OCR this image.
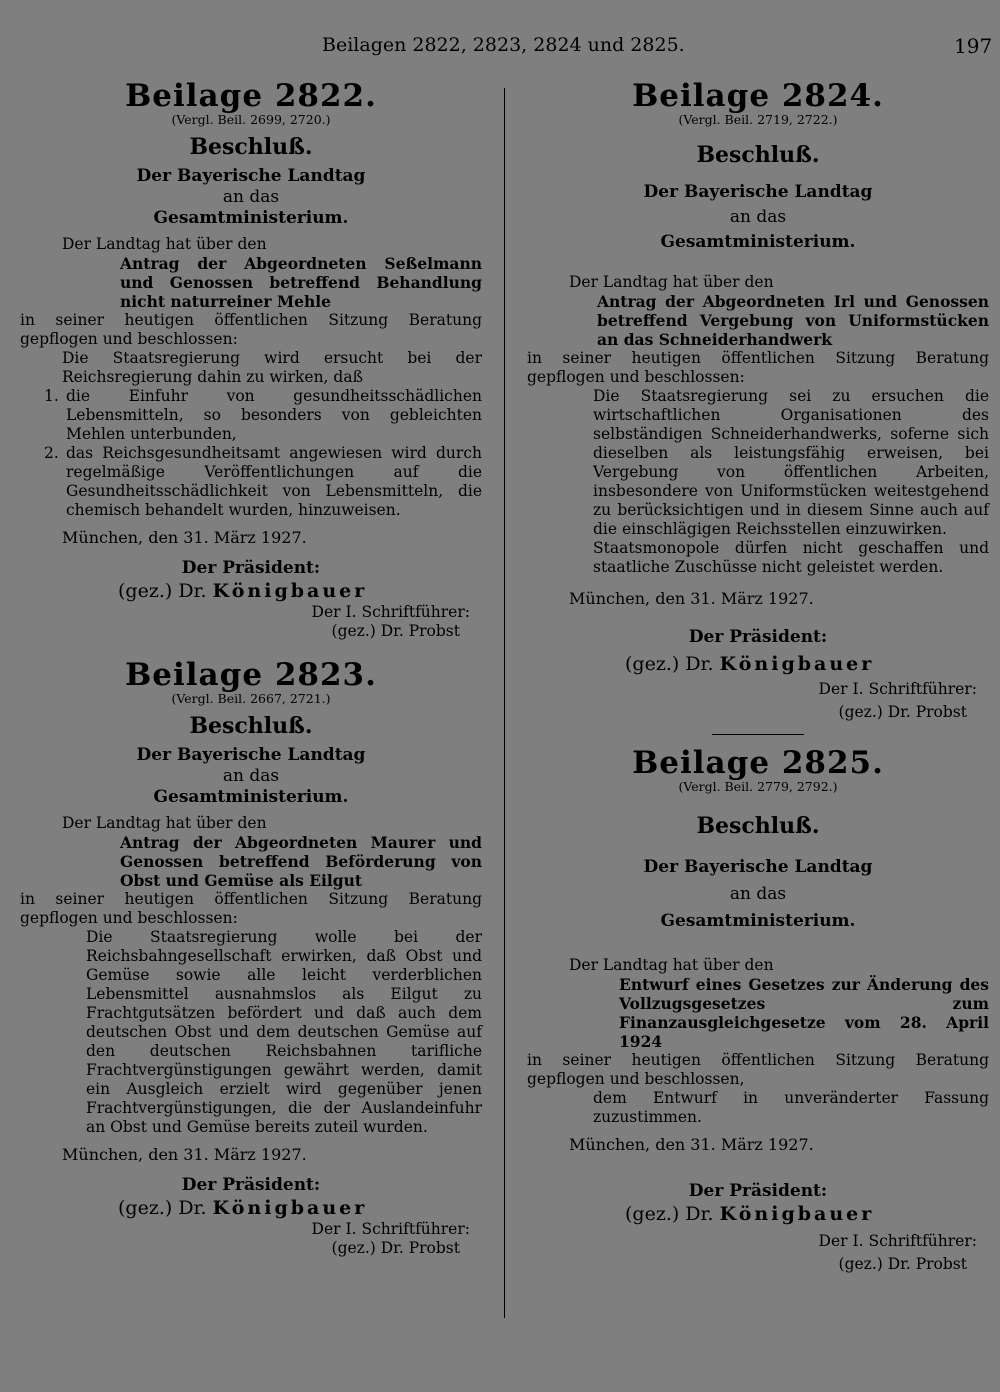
Beilagen 2822, 2823, 2824 und 2825.	197
Beilage 2822.
(Vergl. Beil. 2699, 2720.)
Beschluß.
Der Bayerische Landtag
an das
Gesamtministerium.
Der Landtag hat über den
Antrag der Abgeordneten Seßelmann und Genossen betreffend Behandlung nicht naturreiner Mehle
in seiner heutigen öffentlichen Sitzung Beratung gepflogen und beschlossen:
Die Staatsregierung wird ersucht bei der Reichsregierung dahin zu wirken, daß
1. die Einfuhr von gesundheitsschädlichen Lebensmitteln, so besonders von gebleichten Mehlen unterbunden,
2. das Reichsgesundheitsamt angewiesen wird durch regelmäßige Veröffentlichungen auf die Gesundheitsschädlichkeit von Lebensmitteln, die chemisch behandelt wurden, hinzuweisen.
München, den 31. März 1927.
Der Präsident:
(gez.) Dr. Königbauer
Der I. Schriftführer:
(gez.) Dr. Probst
Beilage 2823.
(Vergl. Beil. 2667, 2721.)
Beschluß.
Der Bayerische Landtag
an das
Gesamtministerium.
Der Landtag hat über den
Antrag der Abgeordneten Maurer und Genossen betreffend Beförderung von Obst und Gemüse als Eilgut
in seiner heutigen öffentlichen Sitzung Beratung gepflogen und beschlossen:
Die Staatsregierung wolle bei der Reichsbahngesellschaft erwirken, daß Obst und Gemüse sowie alle leicht verderblichen Lebensmittel ausnahmslos als Eilgut zu Frachtgutsätzen befördert und daß auch dem deutschen Obst und dem deutschen Gemüse auf den deutschen Reichsbahnen tarifliche Frachtvergünstigungen gewährt werden, damit ein Ausgleich erzielt wird gegenüber jenen Frachtvergünstigungen, die der Auslandeinfuhr an Obst und Gemüse bereits zuteil wurden.
München, den 31. März 1927.
Der Präsident:
(gez.) Dr. Königbauer
Der I. Schriftführer:
(gez.) Dr. Probst
Beilage 2824.
(Vergl. Beil. 2719, 2722.)
Beschluß.
Der Bayerische Landtag
an das
Gesamtministerium.
Der Landtag hat über den
Antrag der Abgeordneten Irl und Genossen betreffend Vergebung von Uniformstücken an das Schneiderhandwerk
in seiner heutigen öffentlichen Sitzung Beratung gepflogen und beschlossen:
Die Staatsregierung sei zu ersuchen die wirtschaftlichen Organisationen des selbständigen Schneiderhandwerks, soferne sich dieselben als leistungsfähig erweisen, bei Vergebung von öffentlichen Arbeiten, insbesondere von Uniformstücken weitestgehend zu berücksichtigen und in diesem Sinne auch auf die einschlägigen Reichsstellen einzuwirken.
Staatsmonopole dürfen nicht geschaffen und staatliche Zuschüsse nicht geleistet werden.
München, den 31. März 1927.
Der Präsident:
(gez.) Dr. Königbauer
Der I. Schriftführer:
(gez.) Dr. Probst
Beilage 2825.
(Vergl. Beil. 2779, 2792.)
Beschluß.
Der Bayerische Landtag
an das
Gesamtministerium.
Der Landtag hat über den
Entwurf eines Gesetzes zur Änderung des Vollzugsgesetzes zum Finanzausgleichgesetze vom 28. April 1924
in seiner heutigen öffentlichen Sitzung Beratung gepflogen und beschlossen,
dem Entwurf in unveränderter Fassung zuzustimmen.
München, den 31. März 1927.
Der Präsident:
(gez.) Dr. Königbauer
Der I. Schriftführer:
(gez.) Dr. Probst
